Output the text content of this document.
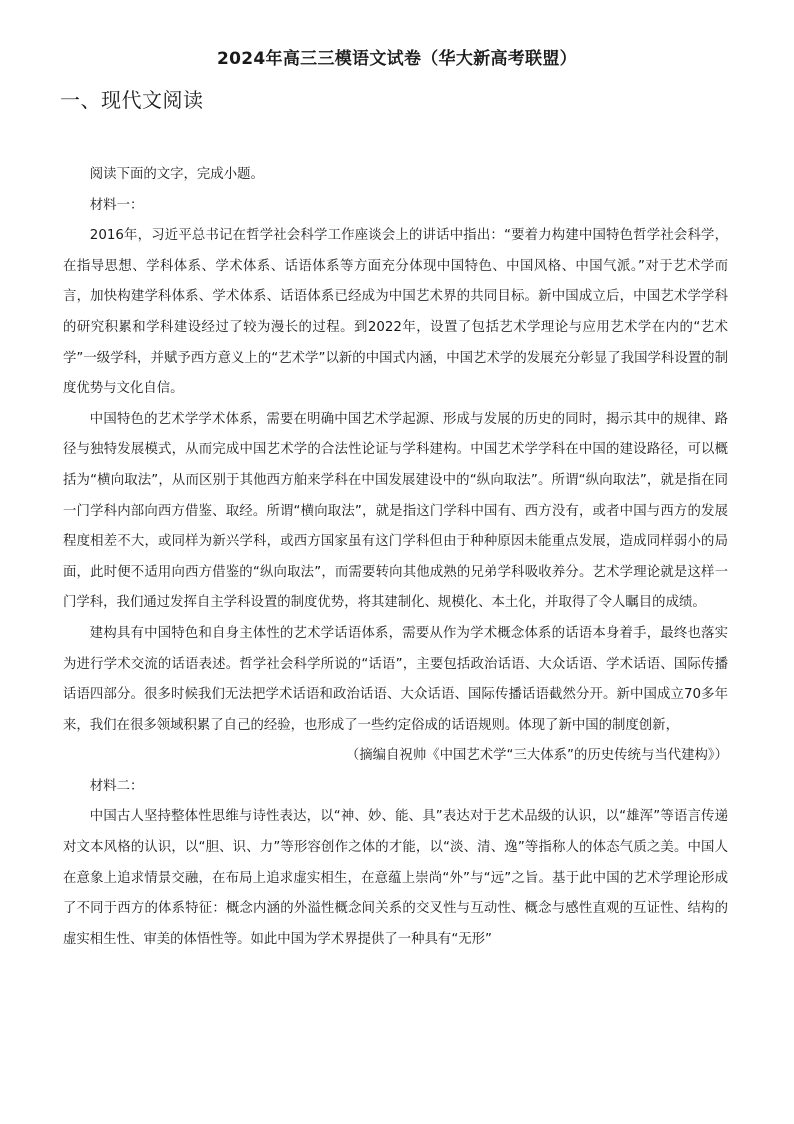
2024年高三三模语文试卷（华大新高考联盟）
一、现代文阅读

阅读下面的文字，完成小题。

材料一：

2016年，习近平总书记在哲学社会科学工作座谈会上的讲话中指出：“要着力构建中国特色哲学社会科学，在指导思想、学科体系、学术体系、话语体系等方面充分体现中国特色、中国风格、中国气派。”对于艺术学而言，加快构建学科体系、学术体系、话语体系已经成为中国艺术界的共同目标。新中国成立后，中国艺术学学科的研究积累和学科建设经过了较为漫长的过程。到2022年，设置了包括艺术学理论与应用艺术学在内的“艺术学”一级学科，并赋予西方意义上的“艺术学”以新的中国式内涵，中国艺术学的发展充分彰显了我国学科设置的制度优势与文化自信。

中国特色的艺术学学术体系，需要在明确中国艺术学起源、形成与发展的历史的同时，揭示其中的规律、路径与独特发展模式，从而完成中国艺术学的合法性论证与学科建构。中国艺术学学科在中国的建设路径，可以概括为“横向取法”，从而区别于其他西方舶来学科在中国发展建设中的“纵向取法”。所谓“纵向取法”，就是指在同一门学科内部向西方借鉴、取经。所谓“横向取法”，就是指这门学科中国有、西方没有，或者中国与西方的发展程度相差不大，或同样为新兴学科，或西方国家虽有这门学科但由于种种原因未能重点发展，造成同样弱小的局面，此时便不适用向西方借鉴的“纵向取法”，而需要转向其他成熟的兄弟学科吸收养分。艺术学理论就是这样一门学科，我们通过发挥自主学科设置的制度优势，将其建制化、规模化、本土化，并取得了令人瞩目的成绩。

建构具有中国特色和自身主体性的艺术学话语体系，需要从作为学术概念体系的话语本身着手，最终也落实为进行学术交流的话语表述。哲学社会科学所说的“话语”，主要包括政治话语、大众话语、学术话语、国际传播话语四部分。很多时候我们无法把学术话语和政治话语、大众话语、国际传播话语截然分开。新中国成立70多年来，我们在很多领域积累了自己的经验，也形成了一些约定俗成的话语规则。体现了新中国的制度创新，

（摘编自祝帅《中国艺术学“三大体系”的历史传统与当代建构》）

材料二：

中国古人坚持整体性思维与诗性表达，以“神、妙、能、具”表达对于艺术品级的认识，以“雄浑”等语言传递对文本风格的认识，以“胆、识、力”等形容创作之体的才能，以“淡、清、逸”等指称人的体态气质之美。中国人在意象上追求情景交融，在布局上追求虚实相生，在意蕴上崇尚“外”与“远”之旨。基于此中国的艺术学理论形成了不同于西方的体系特征：概念内涵的外溢性概念间关系的交叉性与互动性、概念与感性直观的互证性、结构的虚实相生性、审美的体悟性等。如此中国为学术界提供了一种具有“无形”
